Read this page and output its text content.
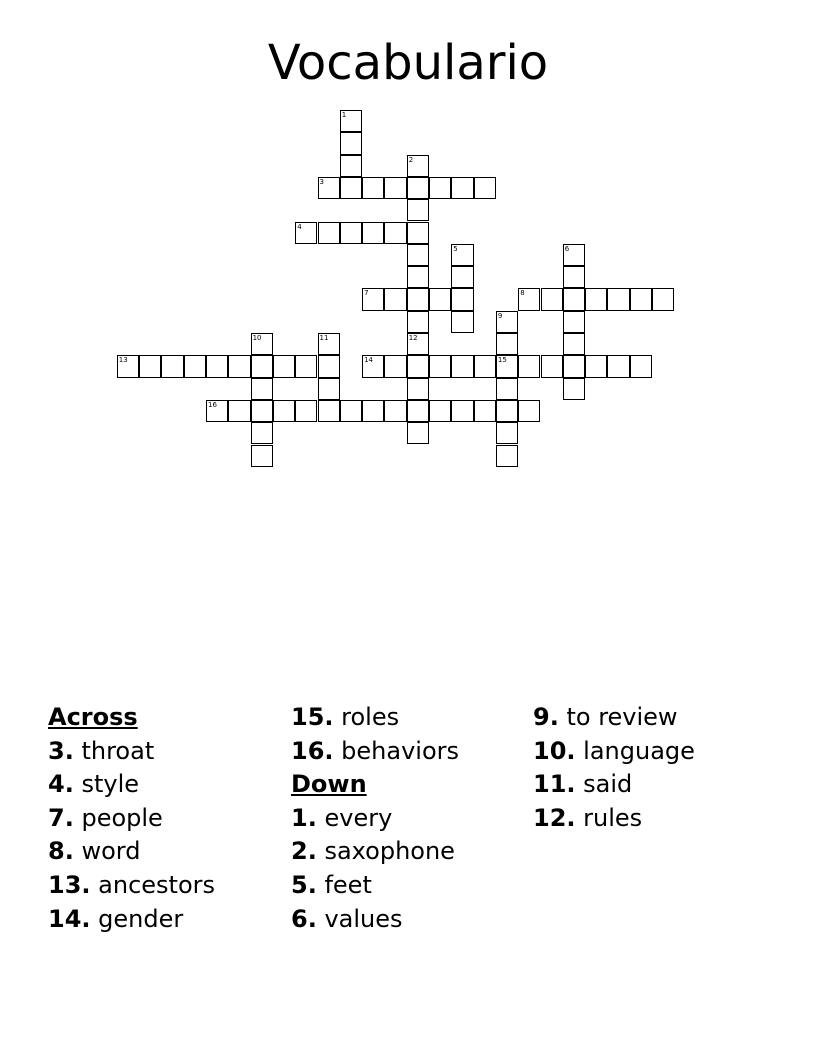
Vocabulario
1
2
12
3
4
5	6
7	8
9
15
10	11
13	14
16
Across
3. throat
4. style
7. people
8. word
13. ancestors
14. gender
15. roles
16. behaviors
Down
1. every
2. saxophone
5. feet
6. values
9. to review
10. language
11. said
12. rules
